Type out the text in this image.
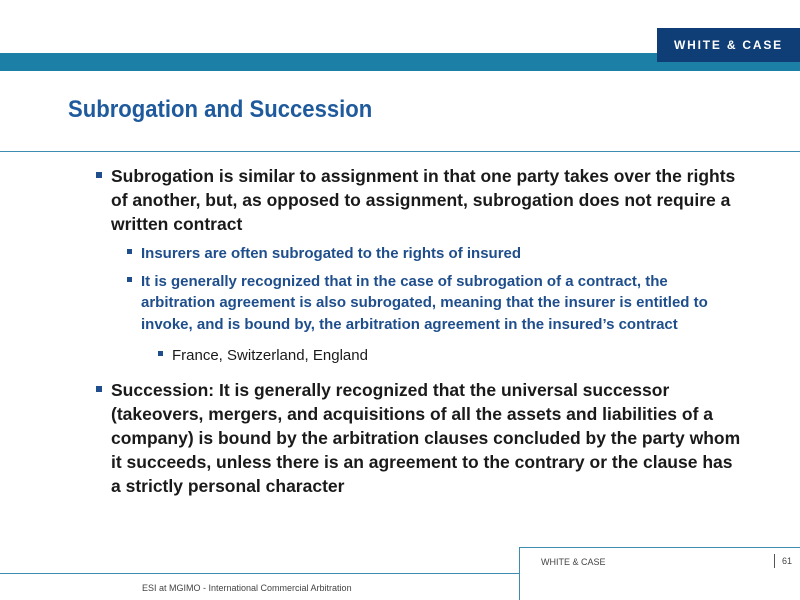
WHITE & CASE
Subrogation and Succession
Subrogation is similar to assignment in that one party takes over the rights of another, but, as opposed to assignment, subrogation does not require a written contract
Insurers are often subrogated to the rights of insured
It is generally recognized that in the case of subrogation of a contract, the arbitration agreement is also subrogated, meaning that the insurer is entitled to invoke, and is bound by, the arbitration agreement in the insured’s contract
France, Switzerland, England
Succession: It is generally recognized that the universal successor (takeovers, mergers, and acquisitions of all the assets and liabilities of a company) is bound by the arbitration clauses concluded by the party whom it succeeds, unless there is an agreement to the contrary or the clause has a strictly personal character
WHITE & CASE	61
ESI at MGIMO - International Commercial Arbitration
